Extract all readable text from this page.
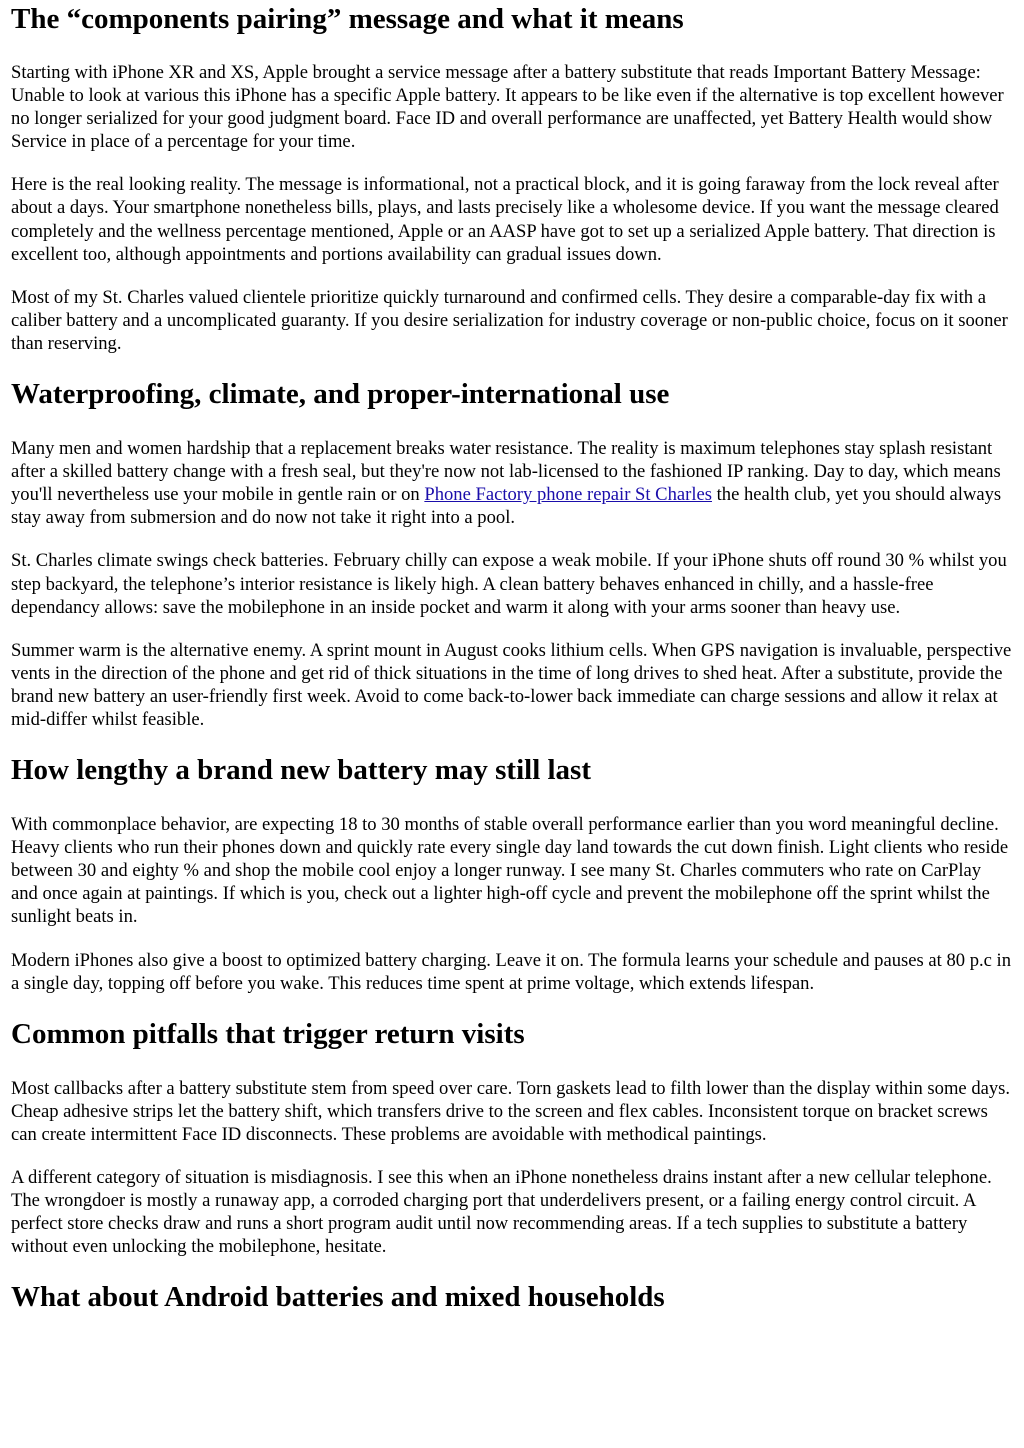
The “components pairing” message and what it means

Starting with iPhone XR and XS, Apple brought a service message after a battery substitute that reads Important Battery Message: Unable to look at various this iPhone has a specific Apple battery. It appears to be like even if the alternative is top excellent however no longer serialized for your good judgment board. Face ID and overall performance are unaffected, yet Battery Health would show Service in place of a percentage for your time.

Here is the real looking reality. The message is informational, not a practical block, and it is going faraway from the lock reveal after about a days. Your smartphone nonetheless bills, plays, and lasts precisely like a wholesome device. If you want the message cleared completely and the wellness percentage mentioned, Apple or an AASP have got to set up a serialized Apple battery. That direction is excellent too, although appointments and portions availability can gradual issues down.

Most of my St. Charles valued clientele prioritize quickly turnaround and confirmed cells. They desire a comparable-day fix with a caliber battery and a uncomplicated guaranty. If you desire serialization for industry coverage or non-public choice, focus on it sooner than reserving.

Waterproofing, climate, and proper-international use

Many men and women hardship that a replacement breaks water resistance. The reality is maximum telephones stay splash resistant after a skilled battery change with a fresh seal, but they're now not lab-licensed to the fashioned IP ranking. Day to day, which means you'll nevertheless use your mobile in gentle rain or on Phone Factory phone repair St Charles the health club, yet you should always stay away from submersion and do now not take it right into a pool.

St. Charles climate swings check batteries. February chilly can expose a weak mobile. If your iPhone shuts off round 30 % whilst you step backyard, the telephone’s interior resistance is likely high. A clean battery behaves enhanced in chilly, and a hassle-free dependancy allows: save the mobilephone in an inside pocket and warm it along with your arms sooner than heavy use.

Summer warm is the alternative enemy. A sprint mount in August cooks lithium cells. When GPS navigation is invaluable, perspective vents in the direction of the phone and get rid of thick situations in the time of long drives to shed heat. After a substitute, provide the brand new battery an user-friendly first week. Avoid to come back-to-lower back immediate can charge sessions and allow it relax at mid-differ whilst feasible.

How lengthy a brand new battery may still last

With commonplace behavior, are expecting 18 to 30 months of stable overall performance earlier than you word meaningful decline. Heavy clients who run their phones down and quickly rate every single day land towards the cut down finish. Light clients who reside between 30 and eighty % and shop the mobile cool enjoy a longer runway. I see many St. Charles commuters who rate on CarPlay and once again at paintings. If which is you, check out a lighter high-off cycle and prevent the mobilephone off the sprint whilst the sunlight beats in.

Modern iPhones also give a boost to optimized battery charging. Leave it on. The formula learns your schedule and pauses at 80 p.c in a single day, topping off before you wake. This reduces time spent at prime voltage, which extends lifespan.

Common pitfalls that trigger return visits

Most callbacks after a battery substitute stem from speed over care. Torn gaskets lead to filth lower than the display within some days. Cheap adhesive strips let the battery shift, which transfers drive to the screen and flex cables. Inconsistent torque on bracket screws can create intermittent Face ID disconnects. These problems are avoidable with methodical paintings.

A different category of situation is misdiagnosis. I see this when an iPhone nonetheless drains instant after a new cellular telephone. The wrongdoer is mostly a runaway app, a corroded charging port that underdelivers present, or a failing energy control circuit. A perfect store checks draw and runs a short program audit until now recommending areas. If a tech supplies to substitute a battery without even unlocking the mobilephone, hesitate.

What about Android batteries and mixed households
